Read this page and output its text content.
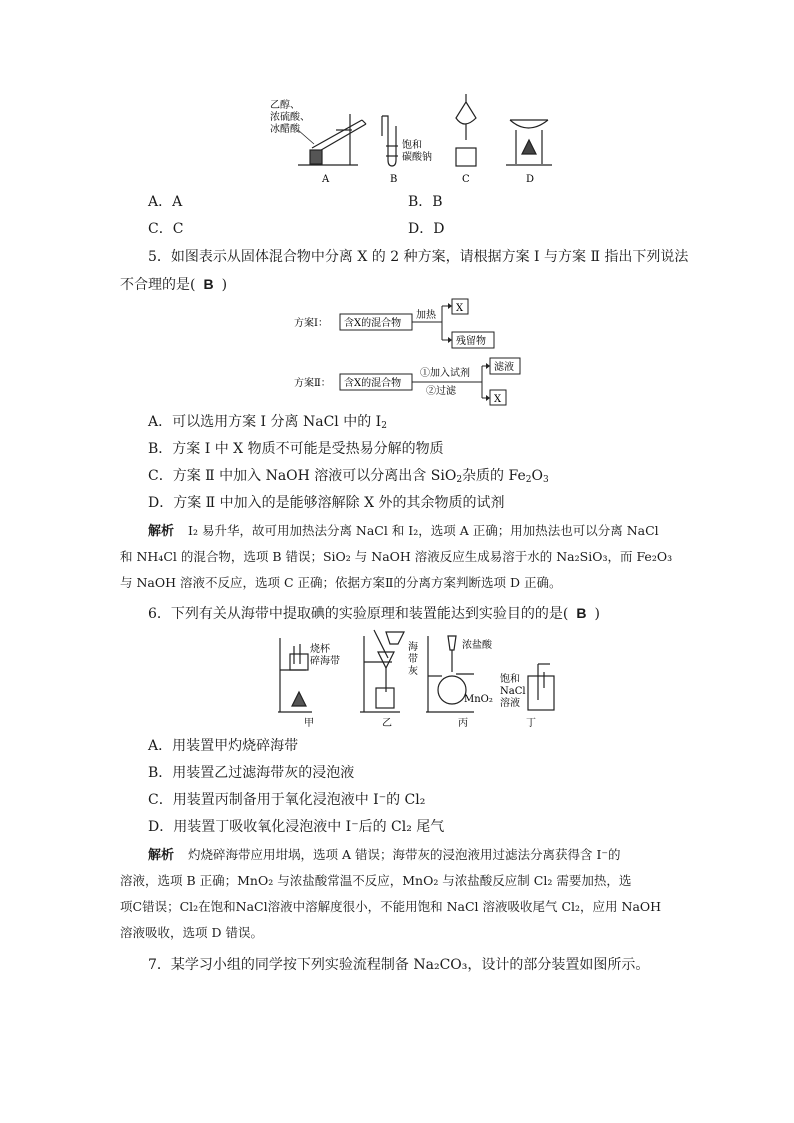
乙醇、
浓硫酸、
冰醋酸
饱和
碳酸钠
A	B	C	D
A．A	B．B
C．C	D．D
5．如图表示从固体混合物中分离 X 的 2 种方案，请根据方案 Ⅰ 与方案 Ⅱ 指出下列说法
不合理的是( B )
方案Ⅰ： 含X的混合物
加热
X
残留物
方案Ⅱ： 含X的混合物
①加入试剂
②过滤
滤液
X
A．可以选用方案 Ⅰ 分离 NaCl 中的 $I_2$
B．方案 Ⅰ 中 X 物质不可能是受热易分解的物质
C．方案 Ⅱ 中加入 NaOH 溶液可以分离出含 SiO$_2$杂质的 $Fe_2O_3$
D．方案 Ⅱ 中加入的是能够溶解除 X 外的其余物质的试剂
解析 I₂ 易升华，故可用加热法分离 NaCl 和 I₂，选项 A 正确；用加热法也可以分离 NaCl
和 NH₄Cl 的混合物，选项 B 错误；SiO₂ 与 NaOH 溶液反应生成易溶于水的 Na₂SiO₃，而 Fe₂O₃
与 NaOH 溶液不反应，选项 C 正确；依据方案Ⅱ的分离方案判断选项 D 正确。
6．下列有关从海带中提取碘的实验原理和装置能达到实验目的的是( B )
烧杯
碎海带
海
带
灰
浓盐酸
MnO₂
饱和
NaCl
溶液
甲	乙	丙	丁
A．用装置甲灼烧碎海带
B．用装置乙过滤海带灰的浸泡液
C．用装置丙制备用于氧化浸泡液中 I⁻的 Cl₂
D．用装置丁吸收氧化浸泡液中 I⁻后的 Cl₂ 尾气
解析 灼烧碎海带应用坩埚，选项 A 错误；海带灰的浸泡液用过滤法分离获得含 I⁻的
溶液，选项 B 正确；MnO₂ 与浓盐酸常温不反应，MnO₂ 与浓盐酸反应制 Cl₂ 需要加热，选
项C错误；Cl₂在饱和NaCl溶液中溶解度很小，不能用饱和 NaCl 溶液吸收尾气 Cl₂，应用 NaOH
溶液吸收，选项 D 错误。
7．某学习小组的同学按下列实验流程制备 Na₂CO₃，设计的部分装置如图所示。
